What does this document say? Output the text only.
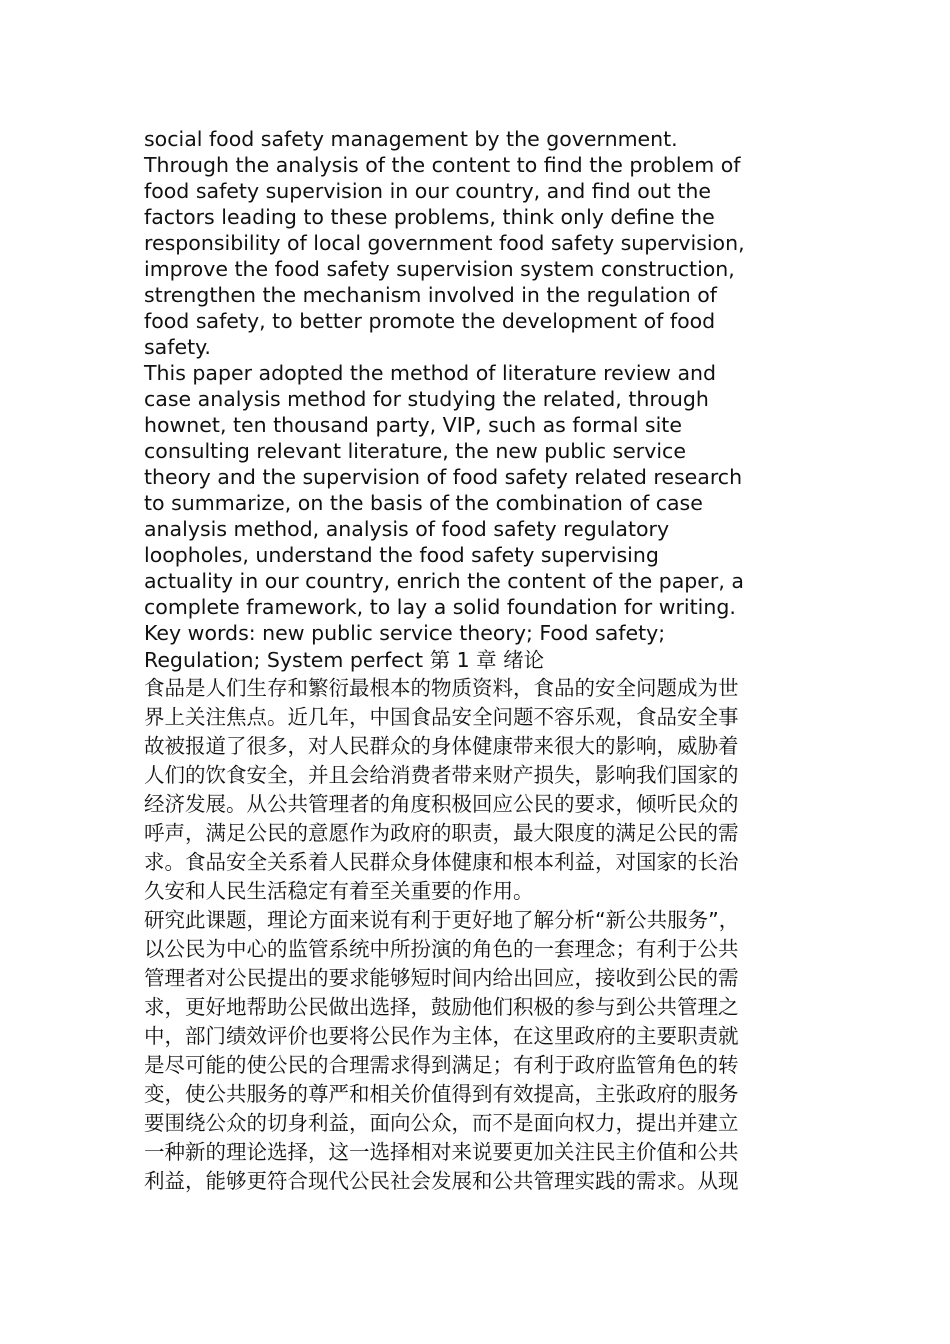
social food safety management by the government.
Through the analysis of the content to find the problem of
food safety supervision in our country, and find out the
factors leading to these problems, think only define the
responsibility of local government food safety supervision,
improve the food safety supervision system construction,
strengthen the mechanism involved in the regulation of
food safety, to better promote the development of food
safety.
This paper adopted the method of literature review and
case analysis method for studying the related, through
hownet, ten thousand party, VIP, such as formal site
consulting relevant literature, the new public service
theory and the supervision of food safety related research
to summarize, on the basis of the combination of case
analysis method, analysis of food safety regulatory
loopholes, understand the food safety supervising
actuality in our country, enrich the content of the paper, a
complete framework, to lay a solid foundation for writing.
Key words: new public service theory; Food safety;
Regulation; System perfect 第 1 章 绪论
食品是人们生存和繁衍最根本的物质资料，食品的安全问题成为世
界上关注焦点。近几年，中国食品安全问题不容乐观，食品安全事
故被报道了很多，对人民群众的身体健康带来很大的影响，威胁着
人们的饮食安全，并且会给消费者带来财产损失，影响我们国家的
经济发展。从公共管理者的角度积极回应公民的要求，倾听民众的
呼声，满足公民的意愿作为政府的职责，最大限度的满足公民的需
求。食品安全关系着人民群众身体健康和根本利益，对国家的长治
久安和人民生活稳定有着至关重要的作用。
研究此课题，理论方面来说有利于更好地了解分析“新公共服务”，
以公民为中心的监管系统中所扮演的角色的一套理念；有利于公共
管理者对公民提出的要求能够短时间内给出回应，接收到公民的需
求，更好地帮助公民做出选择，鼓励他们积极的参与到公共管理之
中，部门绩效评价也要将公民作为主体，在这里政府的主要职责就
是尽可能的使公民的合理需求得到满足；有利于政府监管角色的转
变，使公共服务的尊严和相关价值得到有效提高，主张政府的服务
要围绕公众的切身利益，面向公众，而不是面向权力，提出并建立
一种新的理论选择，这一选择相对来说要更加关注民主价值和公共
利益，能够更符合现代公民社会发展和公共管理实践的需求。从现
